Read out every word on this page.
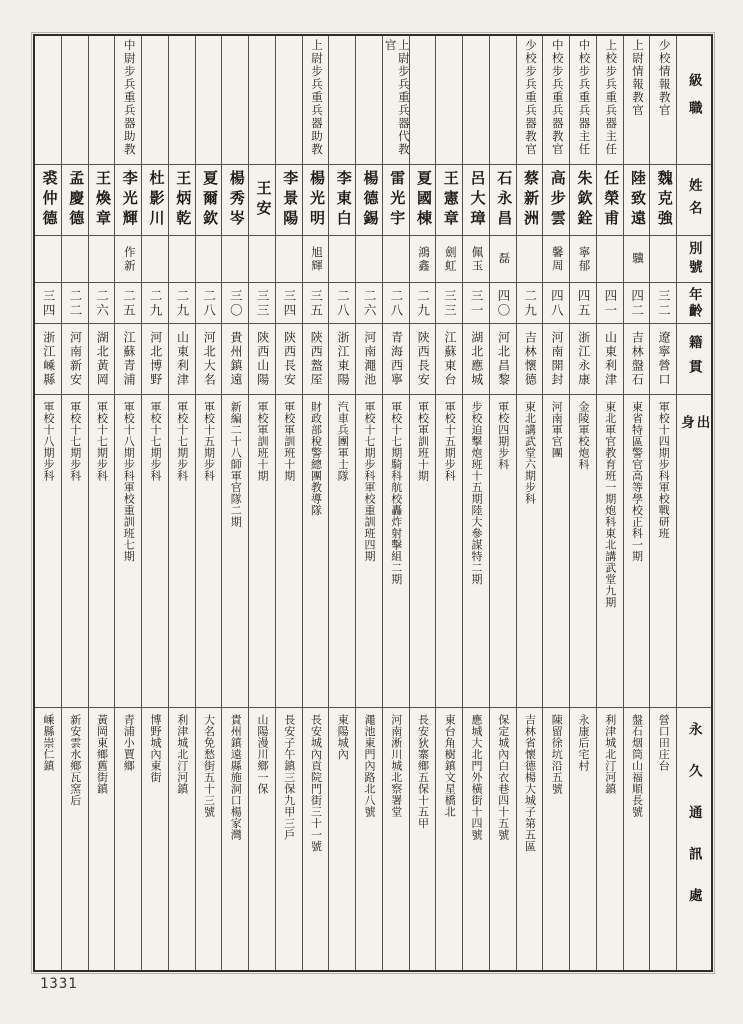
級職
姓名
別號
年齡
籍貫
出身
永久通訊處
少校情報教官
魏克強
三二
遼寧營口
軍校十四期步科軍校戰研班
營口田庄台
上尉情報教官
陸致遠
驥
四二
吉林盤石
東省特區警官高等學校正科一期
盤石烟筒山福順長號
上校步兵重兵器主任
任榮甫
四一
山東利津
東北軍官教育班一期炮科東北講武堂九期
利津城北汀河鎮
中校步兵重兵器主任
朱欽銓
寧郁
四五
浙江永康
金陵軍校炮科
永康后宅村
中校步兵重兵器教官
高步雲
馨周
四八
河南開封
河南軍官團
陳留徐坑沿五號
少校步兵重兵器教官
蔡新洲
二九
吉林懷德
東北講武堂六期步科
吉林省懷德楊大城子第五區
石永昌
磊
四〇
河北昌黎
軍校四期步科
保定城內白衣巷四十五號
呂大璋
佩玉
三一
湖北應城
步校迫擊炮班十五期陸大參謀特二期
應城大北門外橫街十四號
王憲章
劍虹
三三
江蘇東台
軍校十五期步科
東台角樹鎮文星橋北
夏國棟
鴻鑫
二九
陝西長安
軍校軍訓班十期
長安狄寨鄉五保十五甲
上尉步兵重兵器代教官
雷光宇
二八
青海西寧
軍校十七期騎科航校轟炸射擊組二期
河南淅川城北察署堂
楊德錫
二六
河南澠池
軍校十七期步科軍校重訓班四期
澠池東門內路北八號
李東白
二八
浙江東陽
汽車兵團軍士隊
東陽城內
上尉步兵重兵器助教
楊光明
旭輝
三五
陝西盩厔
財政部稅警總團教導隊
長安城內貢院門街三十一號
李景陽
三四
陝西長安
軍校軍訓班十期
長安子午鎮三保九甲三戶
王安
三三
陝西山陽
軍校軍訓班十期
山陽漫川鄉一保
楊秀岑
三〇
貴州鎮遠
新編二十八師軍官隊二期
貴州鎮遠縣施洞口楊家灣
夏爾欽
二八
河北大名
軍校十五期步科
大名免愁街五十三號
王炳乾
二九
山東利津
軍校十七期步科
利津城北汀河鎮
杜影川
二九
河北博野
軍校十七期步科
博野城內東街
中尉步兵重兵器助教
李光輝
作新
二五
江蘇青浦
軍校十八期步科軍校重訓班七期
青浦小賈鄉
王煥章
二六
湖北黃岡
軍校十七期步科
黃岡東鄉舊街鎮
孟慶德
二二
河南新安
軍校十七期步科
新安雲水鄉瓦窯后
裘仲德
三四
浙江嵊縣
軍校十八期步科
嵊縣崇仁鎮
1331
